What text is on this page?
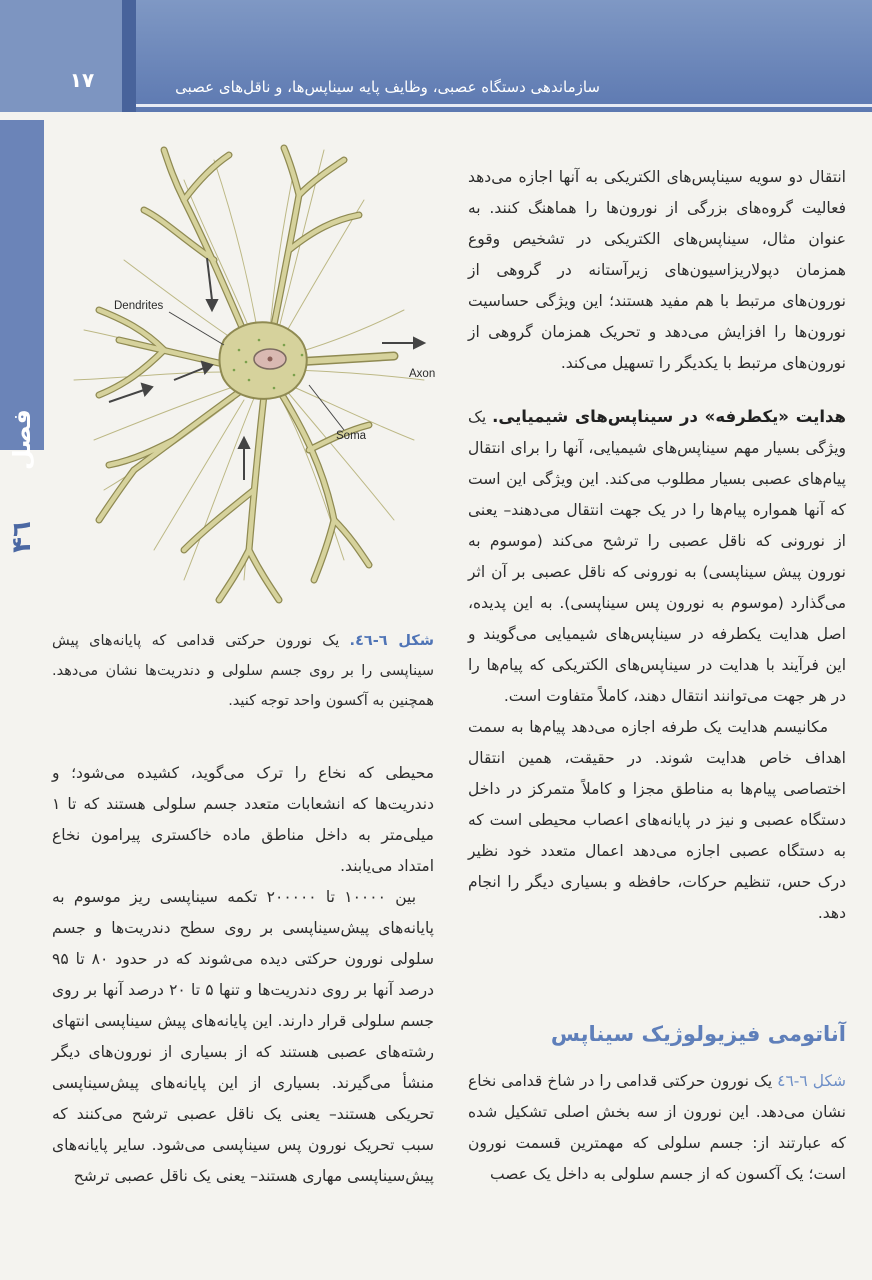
۱۷	سازماندهی دستگاه عصبی، وظایف پایه سیناپس‌ها، و ناقل‌های عصبی
فصل
۴٦
Dendrites
Axon
Soma

شکل ٦-٤٦. یک نورون حرکتی قدامی که پایانه‌های پیش سیناپسی را بر روی جسم سلولی و دندریت‌ها نشان می‌دهد. همچنین به آکسون واحد توجه کنید.

انتقال دو سویه سیناپس‌های الکتریکی به آنها اجازه می‌دهد فعالیت گروه‌های بزرگی از نورون‌ها را هماهنگ کنند. به عنوان مثال، سیناپس‌های الکتریکی در تشخیص وقوع همزمان دپولاریزاسیون‌های زیرآستانه در گروهی از نورون‌های مرتبط با هم مفید هستند؛ این ویژگی حساسیت نورون‌ها را افزایش می‌دهد و تحریک همزمان گروهی از نورون‌های مرتبط با یکدیگر را تسهیل می‌کند.

هدایت «یکطرفه» در سیناپس‌های شیمیایی. یک ویژگی بسیار مهم سیناپس‌های شیمیایی، آنها را برای انتقال پیام‌های عصبی بسیار مطلوب می‌کند. این ویژگی این است که آنها همواره پیام‌ها را در یک جهت انتقال می‌دهند– یعنی از نورونی که ناقل عصبی را ترشح می‌کند (موسوم به نورون پیش سیناپسی) به نورونی که ناقل عصبی بر آن اثر می‌گذارد (موسوم به نورون پس سیناپسی). به این پدیده، اصل هدایت یکطرفه در سیناپس‌های شیمیایی می‌گویند و این فرآیند با هدایت در سیناپس‌های الکتریکی که پیام‌ها را در هر جهت می‌توانند انتقال دهند، کاملاً متفاوت است.

مکانیسم هدایت یک طرفه اجازه می‌دهد پیام‌ها به سمت اهداف خاص هدایت شوند. در حقیقت، همین انتقال اختصاصی پیام‌ها به مناطق مجزا و کاملاً متمرکز در داخل دستگاه عصبی و نیز در پایانه‌های اعصاب محیطی است که به دستگاه عصبی اجازه می‌دهد اعمال متعدد خود نظیر درک حس، تنظیم حرکات، حافظه و بسیاری دیگر را انجام دهد.

آناتومی فیزیولوژیک سیناپس

شکل ٦-٤٦ یک نورون حرکتی قدامی را در شاخ قدامی نخاع نشان می‌دهد. این نورون از سه بخش اصلی تشکیل شده که عبارتند از: جسم سلولی که مهمترین قسمت نورون است؛ یک آکسون که از جسم سلولی به داخل یک عصب

محیطی که نخاع را ترک می‌گوید، کشیده می‌شود؛ و دندریت‌ها که انشعابات متعدد جسم سلولی هستند که تا ۱ میلی‌متر به داخل مناطق ماده خاکستری پیرامون نخاع امتداد می‌یابند.

بین ۱۰۰۰۰ تا ۲۰۰۰۰۰ تکمه سیناپسی ریز موسوم به پایانه‌های پیش‌سیناپسی بر روی سطح دندریت‌ها و جسم سلولی نورون حرکتی دیده می‌شوند که در حدود ۸۰ تا ۹۵ درصد آنها بر روی دندریت‌ها و تنها ۵ تا ۲۰ درصد آنها بر روی جسم سلولی قرار دارند. این پایانه‌های پیش سیناپسی انتهای رشته‌های عصبی هستند که از بسیاری از نورون‌های دیگر منشأ می‌گیرند. بسیاری از این پایانه‌های پیش‌سیناپسی تحریکی هستند– یعنی یک ناقل عصبی ترشح می‌کنند که سبب تحریک نورون پس سیناپسی می‌شود. سایر پایانه‌های پیش‌سیناپسی مهاری هستند– یعنی یک ناقل عصبی ترشح
